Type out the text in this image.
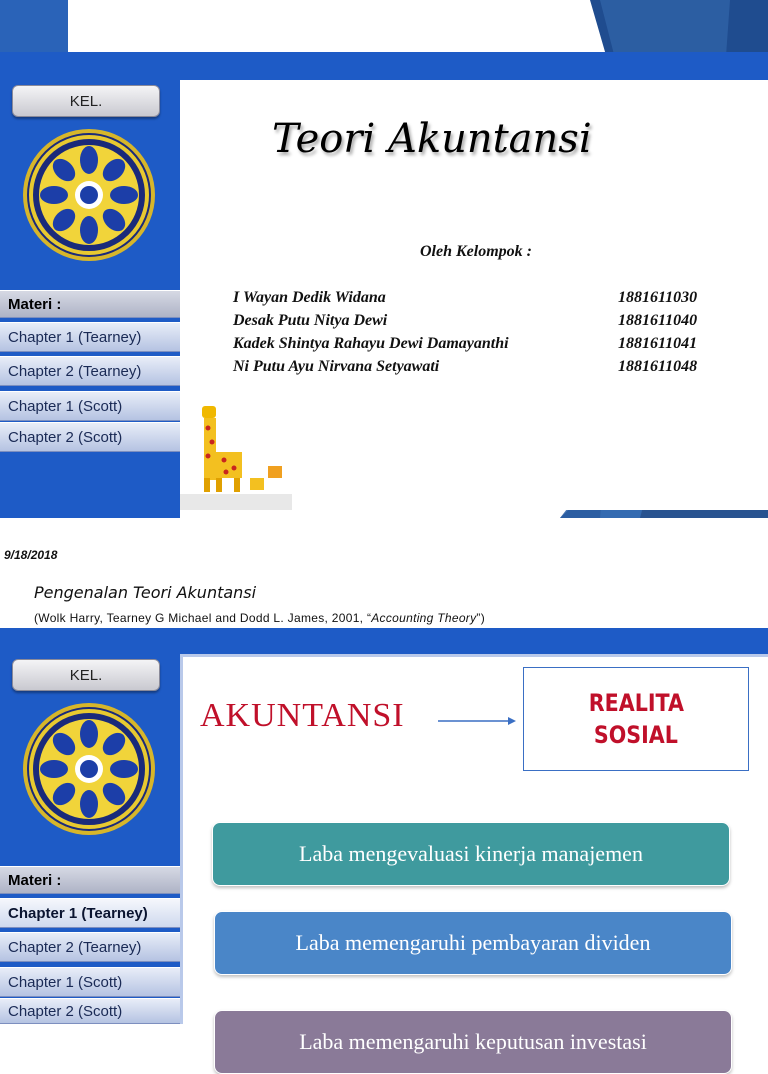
KEL.
Materi :
Chapter 1 (Tearney)
Chapter 2 (Tearney)
Chapter 1 (Scott)
Chapter 2 (Scott)
Teori Akuntansi
Oleh Kelompok :
I Wayan Dedik Widana	1881611030
Desak Putu Nitya Dewi	1881611040
Kadek Shintya Rahayu Dewi Damayanthi	1881611041
Ni Putu Ayu Nirvana Setyawati	1881611048
9/18/2018
Pengenalan Teori Akuntansi
(Wolk Harry, Tearney G Michael and Dodd L. James, 2001, “Accounting Theory”)
KEL.
Materi :
Chapter 1 (Tearney)
Chapter 2 (Tearney)
Chapter 1 (Scott)
Chapter 2 (Scott)
AKUNTANSI	REALITA
SOSIAL
Laba mengevaluasi kinerja manajemen
Laba memengaruhi pembayaran dividen
Laba memengaruhi keputusan investasi
